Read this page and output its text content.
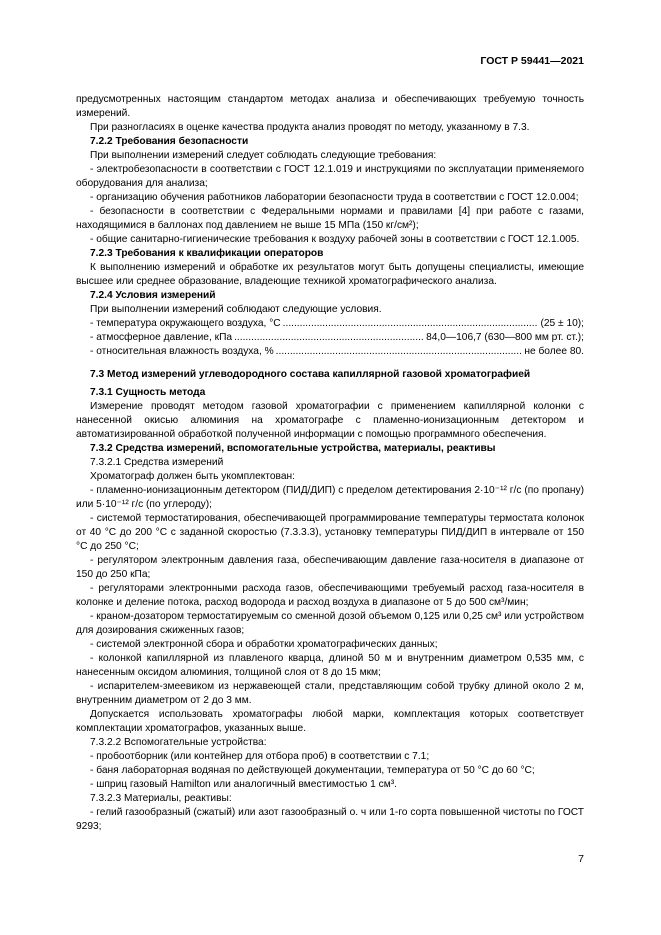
ГОСТ Р 59441—2021

предусмотренных настоящим стандартом методах анализа и обеспечивающих требуемую точность измерений.

При разногласиях в оценке качества продукта анализ проводят по методу, указанному в 7.3.

7.2.2 Требования безопасности

При выполнении измерений следует соблюдать следующие требования:

- электробезопасности в соответствии с ГОСТ 12.1.019 и инструкциями по эксплуатации применяемого оборудования для анализа;

- организацию обучения работников лаборатории безопасности труда в соответствии с ГОСТ 12.0.004;

- безопасности в соответствии с Федеральными нормами и правилами [4] при работе с газами, находящимися в баллонах под давлением не выше 15 МПа (150 кг/см²);

- общие санитарно-гигиенические требования к воздуху рабочей зоны в соответствии с ГОСТ 12.1.005.

7.2.3 Требования к квалификации операторов

К выполнению измерений и обработке их результатов могут быть допущены специалисты, имеющие высшее или среднее образование, владеющие техникой хроматографического анализа.

7.2.4 Условия измерений

При выполнении измерений соблюдают следующие условия.

- температура окружающего воздуха, °С .....	(25 ± 10);
- атмосферное давление, кПа .....	84,0—106,7 (630—800 мм рт. ст.);
- относительная влажность воздуха, % .....	не более 80.

7.3 Метод измерений углеводородного состава капиллярной газовой хроматографией

7.3.1 Сущность метода

Измерение проводят методом газовой хроматографии с применением капиллярной колонки с нанесенной окисью алюминия на хроматографе с пламенно-ионизационным детектором и автоматизированной обработкой полученной информации с помощью программного обеспечения.

7.3.2 Средства измерений, вспомогательные устройства, материалы, реактивы

7.3.2.1 Средства измерений

Хроматограф должен быть укомплектован:

- пламенно-ионизационным детектором (ПИД/ДИП) с пределом детектирования 2·10⁻¹² г/с (по пропану) или 5·10⁻¹² г/с (по углероду);

- системой термостатирования, обеспечивающей программирование температуры термостата колонок от 40 °С до 200 °С с заданной скоростью (7.3.3.3), установку температуры ПИД/ДИП в интервале от 150 °С до 250 °С;

- регулятором электронным давления газа, обеспечивающим давление газа-носителя в диапазоне от 150 до 250 кПа;

- регуляторами электронными расхода газов, обеспечивающими требуемый расход газа-носителя в колонке и деление потока, расход водорода и расход воздуха в диапазоне от 5 до 500 см³/мин;

- краном-дозатором термостатируемым со сменной дозой объемом 0,125 или 0,25 см³ или устройством для дозирования сжиженных газов;

- системой электронной сбора и обработки хроматографических данных;

- колонкой капиллярной из плавленого кварца, длиной 50 м и внутренним диаметром 0,535 мм, с нанесенным оксидом алюминия, толщиной слоя от 8 до 15 мкм;

- испарителем-змеевиком из нержавеющей стали, представляющим собой трубку длиной около 2 м, внутренним диаметром от 2 до 3 мм.

Допускается использовать хроматографы любой марки, комплектация которых соответствует комплектации хроматографов, указанных выше.

7.3.2.2 Вспомогательные устройства:

- пробоотборник (или контейнер для отбора проб) в соответствии с 7.1;

- баня лабораторная водяная по действующей документации, температура от 50 °С до 60 °С;

- шприц газовый Hamilton или аналогичный вместимостью 1 см³.

7.3.2.3 Материалы, реактивы:

- гелий газообразный (сжатый) или азот газообразный о. ч или 1-го сорта повышенной чистоты по ГОСТ 9293;

7
